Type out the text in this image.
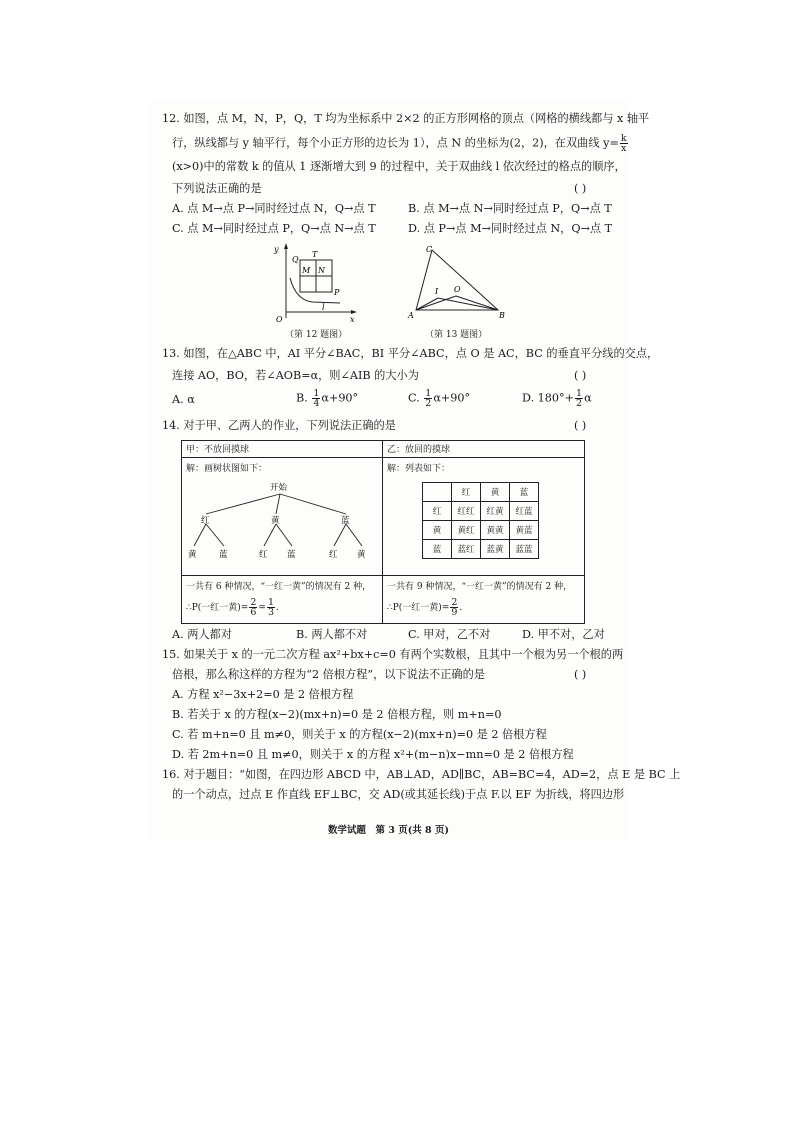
12. 如图，点 M，N，P，Q，T 均为坐标系中 2×2 的正方形网格的顶点（网格的横线都与 x 轴平
行，纵线都与 y 轴平行，每个小正方形的边长为 1），点 N 的坐标为(2，2)，在双曲线 $y= \frac{k}{x}$
(x>0)中的常数 k 的值从 1 逐渐增大到 9 的过程中，关于双曲线 l 依次经过的格点的顺序，
下列说法正确的是	( )
A. 点 M→点 P→同时经过点 N，Q→点 T	B. 点 M→点 N→同时经过点 P，Q→点 T
C. 点 M→同时经过点 P，Q→点 N→点 T	D. 点 P→点 M→同时经过点 N，Q→点 T
y
x
O
Q
T
M N
P
l
（第 12 题图）
C
A	B
I O
（第 13 题图）
13. 如图，在△ABC 中，AI 平分∠BAC，BI 平分∠ABC，点 O 是 AC，BC 的垂直平分线的交点，
连接 AO，BO，若∠AOB=α，则∠AIB 的大小为	( )
A. α	B. $\frac{1}{4} \alpha+90^\circ$	C. $\frac{1}{2} \alpha+90^\circ$	D. $180^\circ+ \frac{1}{2}$ α
14. 对于甲、乙两人的作业，下列说法正确的是	( )
甲：不放回摸球	乙：放回的摸球
解：画树状图如下：	解：列表如下：
开始
红	黄	蓝
黄	蓝	红 蓝	红 黄
	红	黄	蓝
红	红红	红黄	红蓝
黄	黄红	黄黄	黄蓝
蓝	蓝红	蓝黄	蓝蓝
一共有 6 种情况，“一红一黄”的情况有 2 种，
∴P(一红一黄)= $\frac{2}{6} = \frac{1}{3}$ .
一共有 9 种情况，“一红一黄”的情况有 2 种，
∴P(一红一黄)= $\frac{2}{9}$ .
A. 两人都对	B. 两人都不对	C. 甲对，乙不对	D. 甲不对，乙对
15. 如果关于 x 的一元二次方程 ax²+bx+c=0 有两个实数根，且其中一个根为另一个根的两
倍根，那么称这样的方程为“2 倍根方程”，以下说法不正确的是	( )
A. 方程 x²−3x+2=0 是 2 倍根方程
B. 若关于 x 的方程(x−2)(mx+n)=0 是 2 倍根方程，则 m+n=0
C. 若 m+n=0 且 m≠0，则关于 x 的方程(x−2)(mx+n)=0 是 2 倍根方程
D. 若 2m+n=0 且 m≠0，则关于 x 的方程 x²+(m−n)x−mn=0 是 2 倍根方程
16. 对于题目：“如图，在四边形 ABCD 中，AB⊥AD，AD∥BC，AB=BC=4，AD=2，点 E 是 BC 上
的一个动点，过点 E 作直线 EF⊥BC，交 AD(或其延长线)于点 F.以 EF 为折线，将四边形
数学试题　第 3 页(共 8 页)
